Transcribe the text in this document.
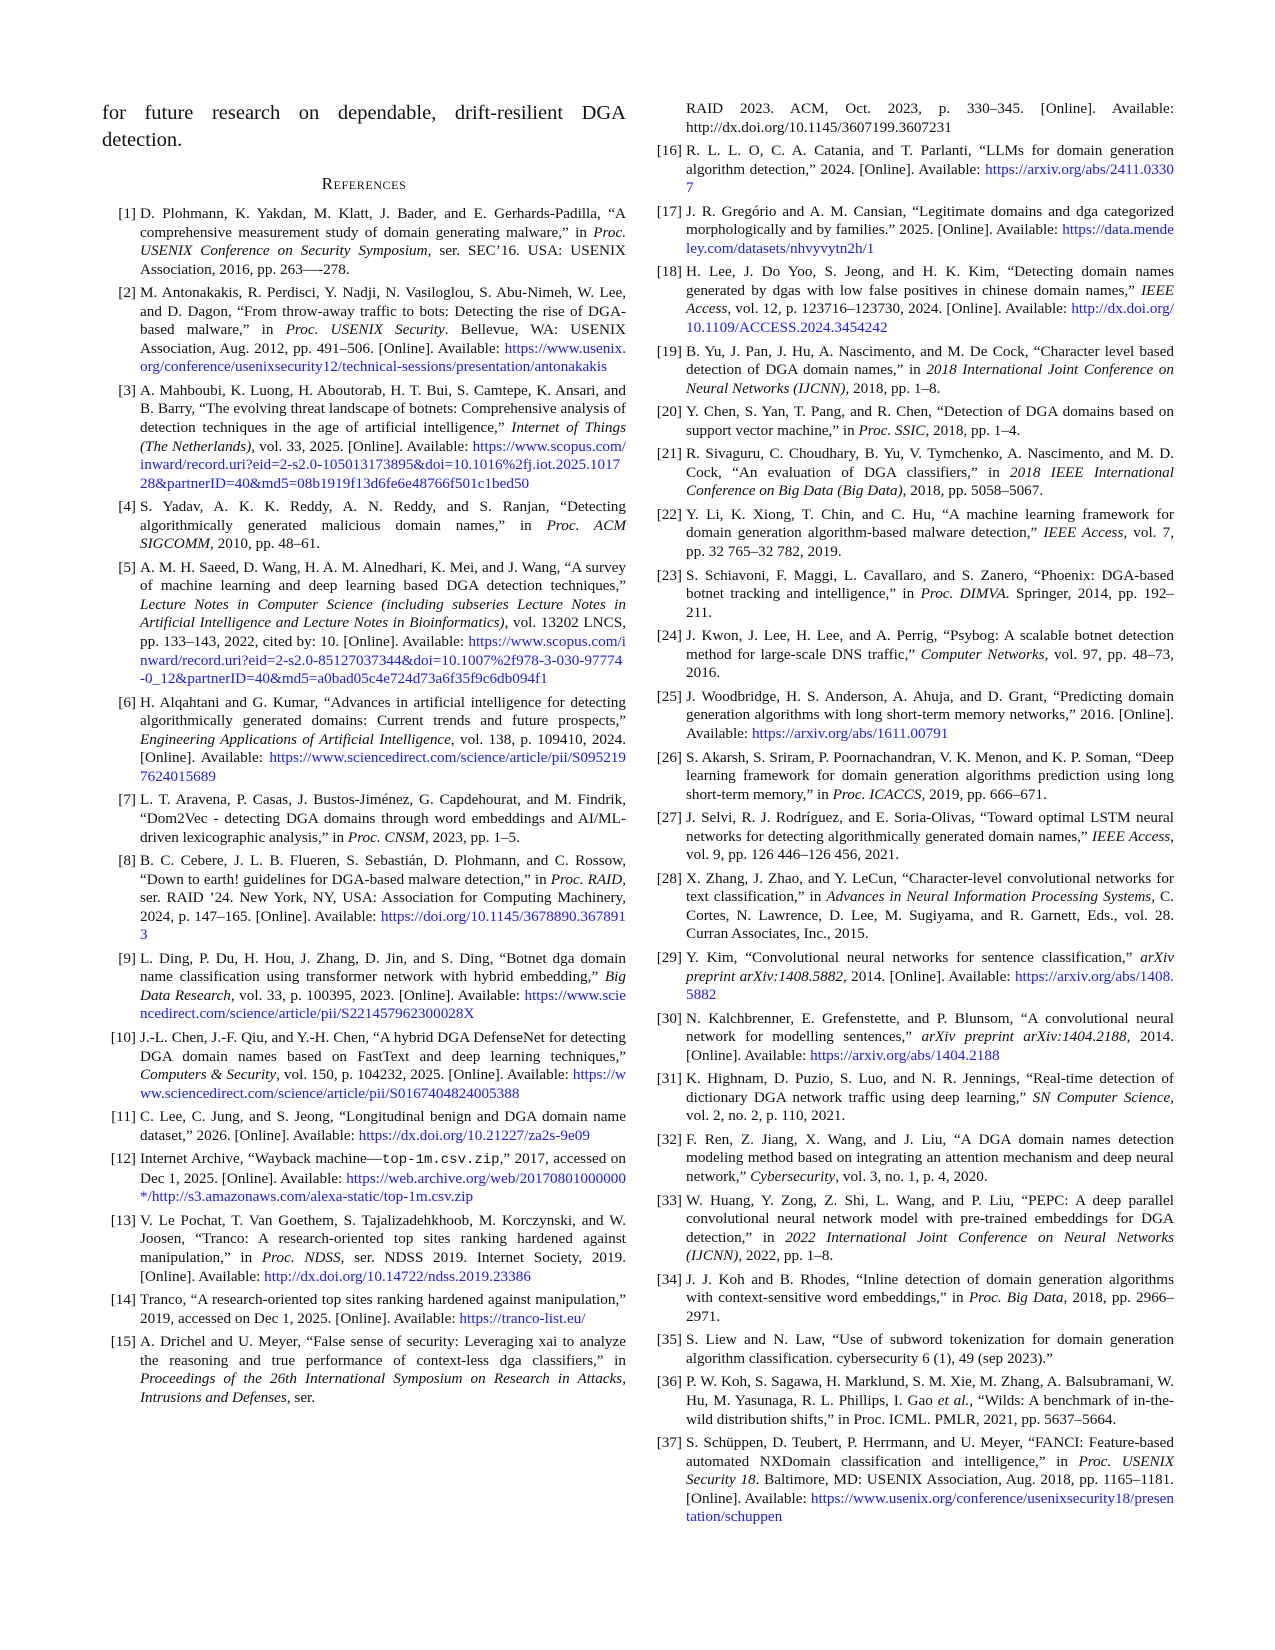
for future research on dependable, drift-resilient DGA detection.

References
[1] D. Plohmann, K. Yakdan, M. Klatt, J. Bader, and E. Gerhards-Padilla, “A comprehensive measurement study of domain generating malware,” in Proc. USENIX Conference on Security Symposium, ser. SEC’16. USA: USENIX Association, 2016, pp. 263—-278.
[2] M. Antonakakis, R. Perdisci, Y. Nadji, N. Vasiloglou, S. Abu-Nimeh, W. Lee, and D. Dagon, “From throw-away traffic to bots: Detecting the rise of DGA-based malware,” in Proc. USENIX Security. Bellevue, WA: USENIX Association, Aug. 2012, pp. 491–506. [Online]. Available: https://www.usenix.org/conference/usenixsecurity12/technical-sessions/presentation/antonakakis
[3] A. Mahboubi, K. Luong, H. Aboutorab, H. T. Bui, S. Camtepe, K. Ansari, and B. Barry, “The evolving threat landscape of botnets: Comprehensive analysis of detection techniques in the age of artificial intelligence,” Internet of Things (The Netherlands), vol. 33, 2025. [Online]. Available: https://www.scopus.com/inward/record.uri?eid=2-s2.0-105013173895&doi=10.1016%2fj.iot.2025.101728&partnerID=40&md5=08b1919f13d6fe6e48766f501c1bed50
[4] S. Yadav, A. K. K. Reddy, A. N. Reddy, and S. Ranjan, “Detecting algorithmically generated malicious domain names,” in Proc. ACM SIGCOMM, 2010, pp. 48–61.
[5] A. M. H. Saeed, D. Wang, H. A. M. Alnedhari, K. Mei, and J. Wang, “A survey of machine learning and deep learning based DGA detection techniques,” Lecture Notes in Computer Science (including subseries Lecture Notes in Artificial Intelligence and Lecture Notes in Bioinformatics), vol. 13202 LNCS, pp. 133–143, 2022, cited by: 10. [Online]. Available: https://www.scopus.com/inward/record.uri?eid=2-s2.0-85127037344&doi=10.1007%2f978-3-030-97774-0_12&partnerID=40&md5=a0bad05c4e724d73a6f35f9c6db094f1
[6] H. Alqahtani and G. Kumar, “Advances in artificial intelligence for detecting algorithmically generated domains: Current trends and future prospects,” Engineering Applications of Artificial Intelligence, vol. 138, p. 109410, 2024. [Online]. Available: https://www.sciencedirect.com/science/article/pii/S0952197624015689
[7] L. T. Aravena, P. Casas, J. Bustos-Jiménez, G. Capdehourat, and M. Findrik, “Dom2Vec - detecting DGA domains through word embeddings and AI/ML-driven lexicographic analysis,” in Proc. CNSM, 2023, pp. 1–5.
[8] B. C. Cebere, J. L. B. Flueren, S. Sebastián, D. Plohmann, and C. Rossow, “Down to earth! guidelines for DGA-based malware detection,” in Proc. RAID, ser. RAID ’24. New York, NY, USA: Association for Computing Machinery, 2024, p. 147–165. [Online]. Available: https://doi.org/10.1145/3678890.3678913
[9] L. Ding, P. Du, H. Hou, J. Zhang, D. Jin, and S. Ding, “Botnet dga domain name classification using transformer network with hybrid embedding,” Big Data Research, vol. 33, p. 100395, 2023. [Online]. Available: https://www.sciencedirect.com/science/article/pii/S221457962300028X
[10] J.-L. Chen, J.-F. Qiu, and Y.-H. Chen, “A hybrid DGA DefenseNet for detecting DGA domain names based on FastText and deep learning techniques,” Computers & Security, vol. 150, p. 104232, 2025. [Online]. Available: https://www.sciencedirect.com/science/article/pii/S0167404824005388
[11] C. Lee, C. Jung, and S. Jeong, “Longitudinal benign and DGA domain name dataset,” 2026. [Online]. Available: https://dx.doi.org/10.21227/za2s-9e09
[12] Internet Archive, “Wayback machine—top-1m.csv.zip,” 2017, accessed on Dec 1, 2025. [Online]. Available: https://web.archive.org/web/20170801000000*/http://s3.amazonaws.com/alexa-static/top-1m.csv.zip
[13] V. Le Pochat, T. Van Goethem, S. Tajalizadehkhoob, M. Korczynski, and W. Joosen, “Tranco: A research-oriented top sites ranking hardened against manipulation,” in Proc. NDSS, ser. NDSS 2019. Internet Society, 2019. [Online]. Available: http://dx.doi.org/10.14722/ndss.2019.23386
[14] Tranco, “A research-oriented top sites ranking hardened against manipulation,” 2019, accessed on Dec 1, 2025. [Online]. Available: https://tranco-list.eu/
[15] A. Drichel and U. Meyer, “False sense of security: Leveraging xai to analyze the reasoning and true performance of context-less dga classifiers,” in Proceedings of the 26th International Symposium on Research in Attacks, Intrusions and Defenses, ser.
RAID 2023. ACM, Oct. 2023, p. 330–345. [Online]. Available: http://dx.doi.org/10.1145/3607199.3607231
[16] R. L. L. O, C. A. Catania, and T. Parlanti, “LLMs for domain generation algorithm detection,” 2024. [Online]. Available: https://arxiv.org/abs/2411.03307
[17] J. R. Gregório and A. M. Cansian, “Legitimate domains and dga categorized morphologically and by families.” 2025. [Online]. Available: https://data.mendeley.com/datasets/nhvyvytn2h/1
[18] H. Lee, J. Do Yoo, S. Jeong, and H. K. Kim, “Detecting domain names generated by dgas with low false positives in chinese domain names,” IEEE Access, vol. 12, p. 123716–123730, 2024. [Online]. Available: http://dx.doi.org/10.1109/ACCESS.2024.3454242
[19] B. Yu, J. Pan, J. Hu, A. Nascimento, and M. De Cock, “Character level based detection of DGA domain names,” in 2018 International Joint Conference on Neural Networks (IJCNN), 2018, pp. 1–8.
[20] Y. Chen, S. Yan, T. Pang, and R. Chen, “Detection of DGA domains based on support vector machine,” in Proc. SSIC, 2018, pp. 1–4.
[21] R. Sivaguru, C. Choudhary, B. Yu, V. Tymchenko, A. Nascimento, and M. D. Cock, “An evaluation of DGA classifiers,” in 2018 IEEE International Conference on Big Data (Big Data), 2018, pp. 5058–5067.
[22] Y. Li, K. Xiong, T. Chin, and C. Hu, “A machine learning framework for domain generation algorithm-based malware detection,” IEEE Access, vol. 7, pp. 32 765–32 782, 2019.
[23] S. Schiavoni, F. Maggi, L. Cavallaro, and S. Zanero, “Phoenix: DGA-based botnet tracking and intelligence,” in Proc. DIMVA. Springer, 2014, pp. 192–211.
[24] J. Kwon, J. Lee, H. Lee, and A. Perrig, “Psybog: A scalable botnet detection method for large-scale DNS traffic,” Computer Networks, vol. 97, pp. 48–73, 2016.
[25] J. Woodbridge, H. S. Anderson, A. Ahuja, and D. Grant, “Predicting domain generation algorithms with long short-term memory networks,” 2016. [Online]. Available: https://arxiv.org/abs/1611.00791
[26] S. Akarsh, S. Sriram, P. Poornachandran, V. K. Menon, and K. P. Soman, “Deep learning framework for domain generation algorithms prediction using long short-term memory,” in Proc. ICACCS, 2019, pp. 666–671.
[27] J. Selvi, R. J. Rodríguez, and E. Soria-Olivas, “Toward optimal LSTM neural networks for detecting algorithmically generated domain names,” IEEE Access, vol. 9, pp. 126 446–126 456, 2021.
[28] X. Zhang, J. Zhao, and Y. LeCun, “Character-level convolutional networks for text classification,” in Advances in Neural Information Processing Systems, C. Cortes, N. Lawrence, D. Lee, M. Sugiyama, and R. Garnett, Eds., vol. 28. Curran Associates, Inc., 2015.
[29] Y. Kim, “Convolutional neural networks for sentence classification,” arXiv preprint arXiv:1408.5882, 2014. [Online]. Available: https://arxiv.org/abs/1408.5882
[30] N. Kalchbrenner, E. Grefenstette, and P. Blunsom, “A convolutional neural network for modelling sentences,” arXiv preprint arXiv:1404.2188, 2014. [Online]. Available: https://arxiv.org/abs/1404.2188
[31] K. Highnam, D. Puzio, S. Luo, and N. R. Jennings, “Real-time detection of dictionary DGA network traffic using deep learning,” SN Computer Science, vol. 2, no. 2, p. 110, 2021.
[32] F. Ren, Z. Jiang, X. Wang, and J. Liu, “A DGA domain names detection modeling method based on integrating an attention mechanism and deep neural network,” Cybersecurity, vol. 3, no. 1, p. 4, 2020.
[33] W. Huang, Y. Zong, Z. Shi, L. Wang, and P. Liu, “PEPC: A deep parallel convolutional neural network model with pre-trained embeddings for DGA detection,” in 2022 International Joint Conference on Neural Networks (IJCNN), 2022, pp. 1–8.
[34] J. J. Koh and B. Rhodes, “Inline detection of domain generation algorithms with context-sensitive word embeddings,” in Proc. Big Data, 2018, pp. 2966–2971.
[35] S. Liew and N. Law, “Use of subword tokenization for domain generation algorithm classification. cybersecurity 6 (1), 49 (sep 2023).”
[36] P. W. Koh, S. Sagawa, H. Marklund, S. M. Xie, M. Zhang, A. Balsubramani, W. Hu, M. Yasunaga, R. L. Phillips, I. Gao et al., “Wilds: A benchmark of in-the-wild distribution shifts,” in Proc. ICML. PMLR, 2021, pp. 5637–5664.
[37] S. Schüppen, D. Teubert, P. Herrmann, and U. Meyer, “FANCI: Feature-based automated NXDomain classification and intelligence,” in Proc. USENIX Security 18. Baltimore, MD: USENIX Association, Aug. 2018, pp. 1165–1181. [Online]. Available: https://www.usenix.org/conference/usenixsecurity18/presentation/schuppen
